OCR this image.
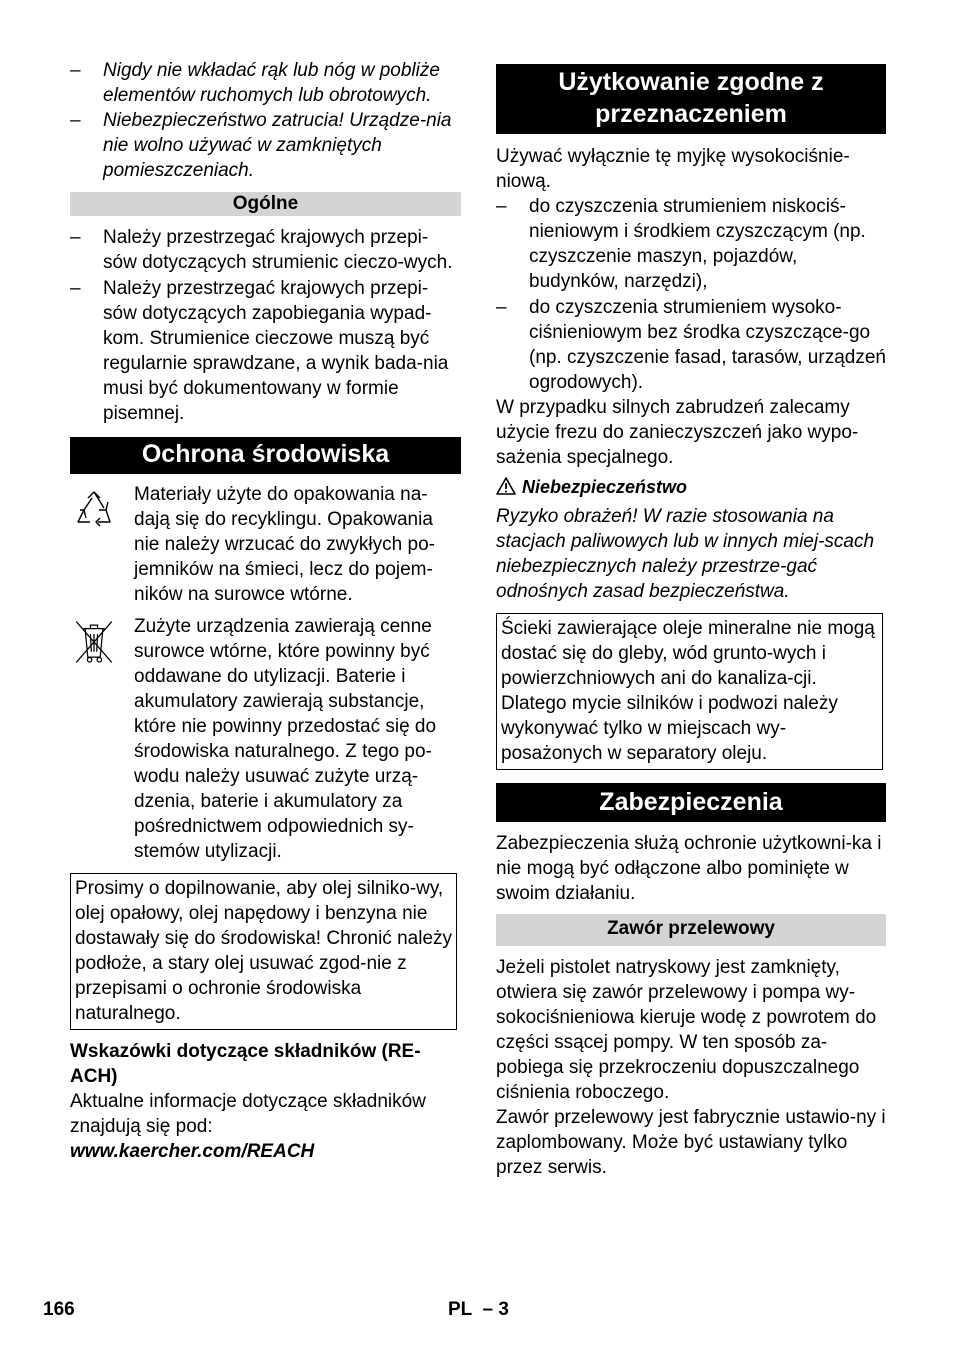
– Nigdy nie wkładać rąk lub nóg w pobliże elementów ruchomych lub obrotowych.
– Niebezpieczeństwo zatrucia! Urządze-nia nie wolno używać w zamkniętych pomieszczeniach.
Ogólne
– Należy przestrzegać krajowych przepi-sów dotyczących strumienic cieczo-wych.
– Należy przestrzegać krajowych przepi-sów dotyczących zapobiegania wypad-kom. Strumienice cieczowe muszą być regularnie sprawdzane, a wynik bada-nia musi być dokumentowany w formie pisemnej.
Ochrona środowiska

Materiały użyte do opakowania na-dają się do recyklingu. Opakowania nie należy wrzucać do zwykłych po-jemników na śmieci, lecz do pojem-ników na surowce wtórne.

Zużyte urządzenia zawierają cenne surowce wtórne, które powinny być oddawane do utylizacji. Baterie i akumulatory zawierają substancje, które nie powinny przedostać się do środowiska naturalnego. Z tego po-wodu należy usuwać zużyte urzą-dzenia, baterie i akumulatory za pośrednictwem odpowiednich sy-stemów utylizacji.

Prosimy o dopilnowanie, aby olej silniko-wy, olej opałowy, olej napędowy i benzyna nie dostawały się do środowiska! Chronić należy podłoże, a stary olej usuwać zgod-nie z przepisami o ochronie środowiska naturalnego.

Wskazówki dotyczące składników (RE-ACH)

Aktualne informacje dotyczące składników znajdują się pod:

www.kaercher.com/REACH

Użytkowanie zgodne z przeznaczeniem

Używać wyłącznie tę myjkę wysokociśnie-niową.

– do czyszczenia strumieniem niskociś-nieniowym i środkiem czyszczącym (np. czyszczenie maszyn, pojazdów, budynków, narzędzi),
– do czyszczenia strumieniem wysoko-ciśnieniowym bez środka czyszczące-go (np. czyszczenie fasad, tarasów, urządzeń ogrodowych).

W przypadku silnych zabrudzeń zalecamy użycie frezu do zanieczyszczeń jako wypo-sażenia specjalnego.

Niebezpieczeństwo

Ryzyko obrażeń! W razie stosowania na stacjach paliwowych lub w innych miej-scach niebezpiecznych należy przestrze-gać odnośnych zasad bezpieczeństwa.

Ścieki zawierające oleje mineralne nie mogą dostać się do gleby, wód grunto-wych i powierzchniowych ani do kanaliza-cji. Dlatego mycie silników i podwozi należy wykonywać tylko w miejscach wy-posażonych w separatory oleju.

Zabezpieczenia

Zabezpieczenia służą ochronie użytkowni-ka i nie mogą być odłączone albo pominięte w swoim działaniu.

Zawór przelewowy

Jeżeli pistolet natryskowy jest zamknięty, otwiera się zawór przelewowy i pompa wy-sokociśnieniowa kieruje wodę z powrotem do części ssącej pompy. W ten sposób za-pobiega się przekroczeniu dopuszczalnego ciśnienia roboczego.

Zawór przelewowy jest fabrycznie ustawio-ny i zaplombowany. Może być ustawiany tylko przez serwis.

166	PL  – 3
